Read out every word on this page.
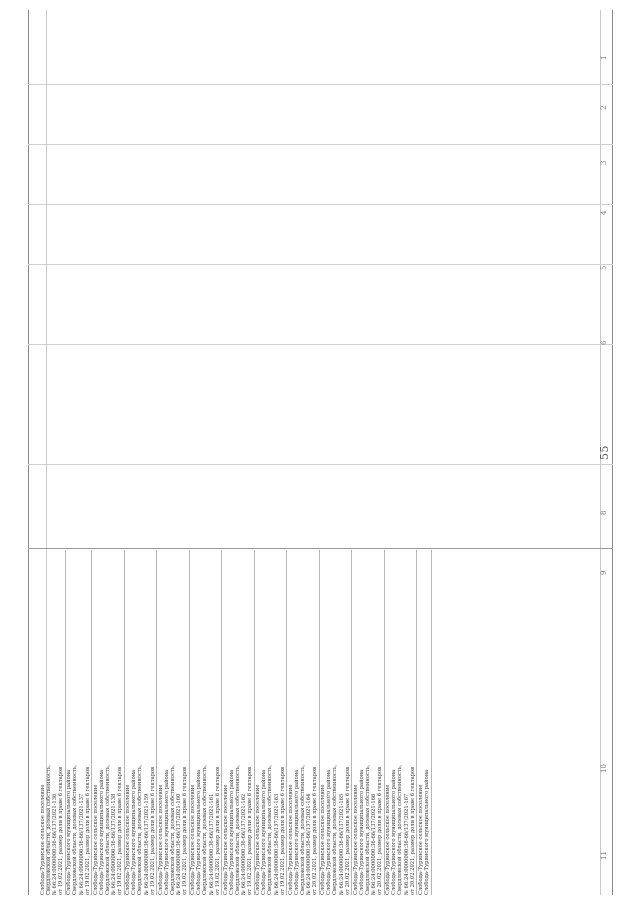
1
2
3
4
5
6
8
9
10
11
55
Слобода-Туринское сельское поселение Свердловской области, долевая собственность, № 66:24:0000000:36-66/137/2021-136 от 19.02.2021, размер доли в праве 6 гектаров Слобода-Туринского муниципального района Свердловской области, долевая собственность, № 66:24:0000000:36-66/137/2021-137 от 19.02.2021, размер доли в праве 6 гектаров Слобода-Туринское сельское поселение Слобода-Туринского муниципального района Свердловской области, долевая собственность, № 66:24:0000000:36-66/137/2021-138 от 19.02.2021, размер доли в праве 6 гектаров Слобода-Туринское сельское поселение Слобода-Туринского муниципального района Свердловской области, долевая собственность, № 66:24:0000000:36-66/137/2021-159 от 19.02.2021, размер доли в праве 6 гектаров Слобода-Туринское сельское поселение Слобода-Туринского муниципального района Свердловской области, долевая собственность, № 66:24:0000000:36-66/137/2021-160 от 19.02.2021, размер доли в праве 6 гектаров Слобода-Туринское сельское поселение Слобода-Туринского муниципального района Свердловской области, долевая собственность, № 66:24:0000000:36-66/137/2021-161 от 19.02.2021, размер доли в праве 6 гектаров Слобода-Туринское сельское поселение Слобода-Туринского муниципального района Свердловской области, долевая собственность, № 66:24:0000000:36-66/137/2021-162 от 19.02.2021, размер доли в праве 6 гектаров Слобода-Туринское сельское поселение Слобода-Туринского муниципального района Свердловской области, долевая собственность, № 66:24:0000000:36-66/137/2021-163 от 19.02.2021, размер доли в праве 6 гектаров Слобода-Туринское сельское поселение Слобода-Туринского муниципального района Свердловской области, долевая собственность, № 66:24:0000000:36-66/137/2021-164 от 20.02.2021, размер доли в праве 6 гектаров Слобода-Туринское сельское поселение Слобода-Туринского муниципального района Свердловской области, долевая собственность, № 66:24:0000000:36-66/137/2021-165 от 20.02.2021, размер доли в праве 6 гектаров Слобода-Туринское сельское поселение Слобода-Туринского муниципального района Свердловской области, долевая собственность, № 66:24:0000000:36-66/137/2021-166 от 20.02.2021, размер доли в праве 6 гектаров Слобода-Туринское сельское поселение Слобода-Туринского муниципального района Свердловской области, долевая собственность, № 66:24:0000000:36-66/137/2021-167 от 20.02.2021, размер доли в праве 6 гектаров Слобода-Туринское сельское поселение Слобода-Туринского муниципального района
